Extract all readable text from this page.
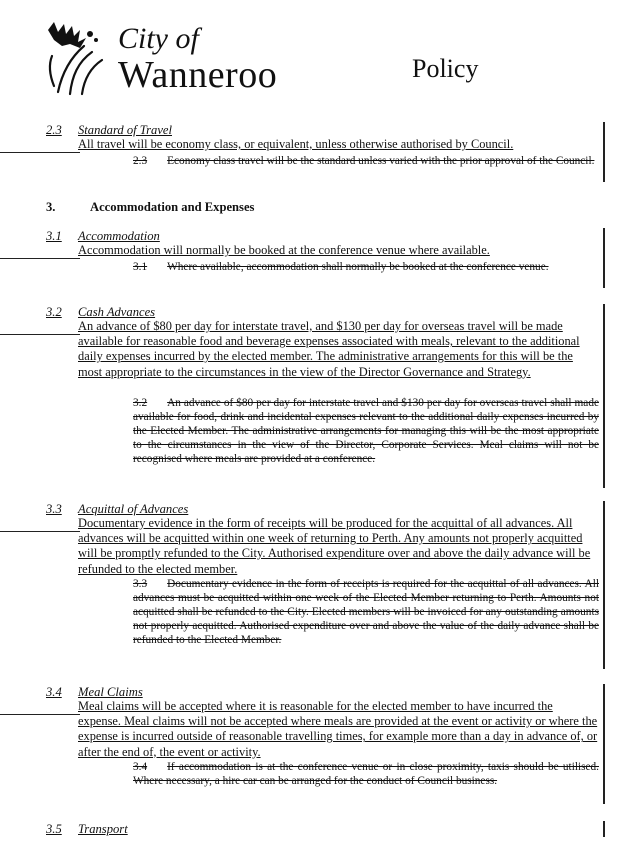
City of
Wanneroo	Policy
2.3 Standard of Travel
All travel will be economy class, or equivalent, unless otherwise authorised by Council.
2.3 Economy class travel will be the standard unless varied with the prior approval of the Council.
3.	Accommodation and Expenses
3.1 Accommodation
Accommodation will normally be booked at the conference venue where available.
3.1 Where available, accommodation shall normally be booked at the conference venue.
3.2 Cash Advances
An advance of $80 per day for interstate travel, and $130 per day for overseas travel will be made available for reasonable food and beverage expenses associated with meals, relevant to the additional daily expenses incurred by the elected member. The administrative arrangements for this will be the most appropriate to the circumstances in the view of the Director Governance and Strategy.
3.2 An advance of $80 per day for interstate travel and $130 per day for overseas travel shall made available for food, drink and incidental expenses relevant to the additional daily expenses incurred by the Elected Member. The administrative arrangements for managing this will be the most appropriate to the circumstances in the view of the Director, Corporate Services. Meal claims will not be recognised where meals are provided at a conference.
3.3 Acquittal of Advances
Documentary evidence in the form of receipts will be produced for the acquittal of all advances. All advances will be acquitted within one week of returning to Perth. Any amounts not properly acquitted will be promptly refunded to the City. Authorised expenditure over and above the daily advance will be refunded to the elected member.
3.3 Documentary evidence in the form of receipts is required for the acquittal of all advances. All advances must be acquitted within one week of the Elected Member returning to Perth. Amounts not acquitted shall be refunded to the City. Elected members will be invoiced for any outstanding amounts not properly acquitted. Authorised expenditure over and above the value of the daily advance shall be refunded to the Elected Member.
3.4 Meal Claims
Meal claims will be accepted where it is reasonable for the elected member to have incurred the expense. Meal claims will not be accepted where meals are provided at the event or activity or where the expense is incurred outside of reasonable travelling times, for example more than a day in advance of, or after the end of, the event or activity.
3.4 If accommodation is at the conference venue or in close proximity, taxis should be utilised. Where necessary, a hire car can be arranged for the conduct of Council business.
3.5 Transport
